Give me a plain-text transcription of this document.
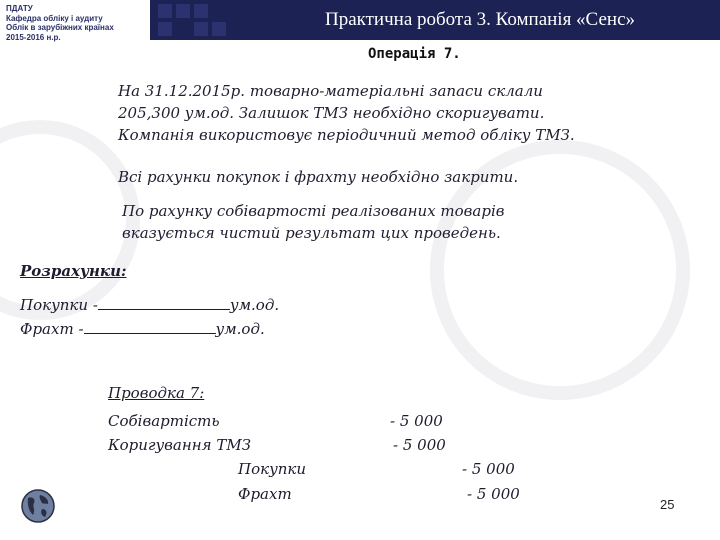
Практична робота 3. Компанія «Сенс»
ПДАТУ
Кафедра обліку і аудиту
Облік в зарубіжних країнах
2015-2016 н.р.
Операція 7.
На 31.12.2015р. товарно-матеріальні запаси склали
205,300 ум.од. Залишок ТМЗ необхідно скоригувати.
Компанія використовує періодичний метод обліку ТМЗ.
Всі рахунки покупок і фрахту необхідно закрити.
По рахунку собівартості реалізованих товарів
вказується чистий результат цих проведень.
Розрахунки:
Покупки -	ум.од.
Фрахт -	ум.од.
Проводка 7:
Собівартість	- 5 000
Коригування ТМЗ	- 5 000
Покупки	- 5 000
Фрахт	- 5 000
25
